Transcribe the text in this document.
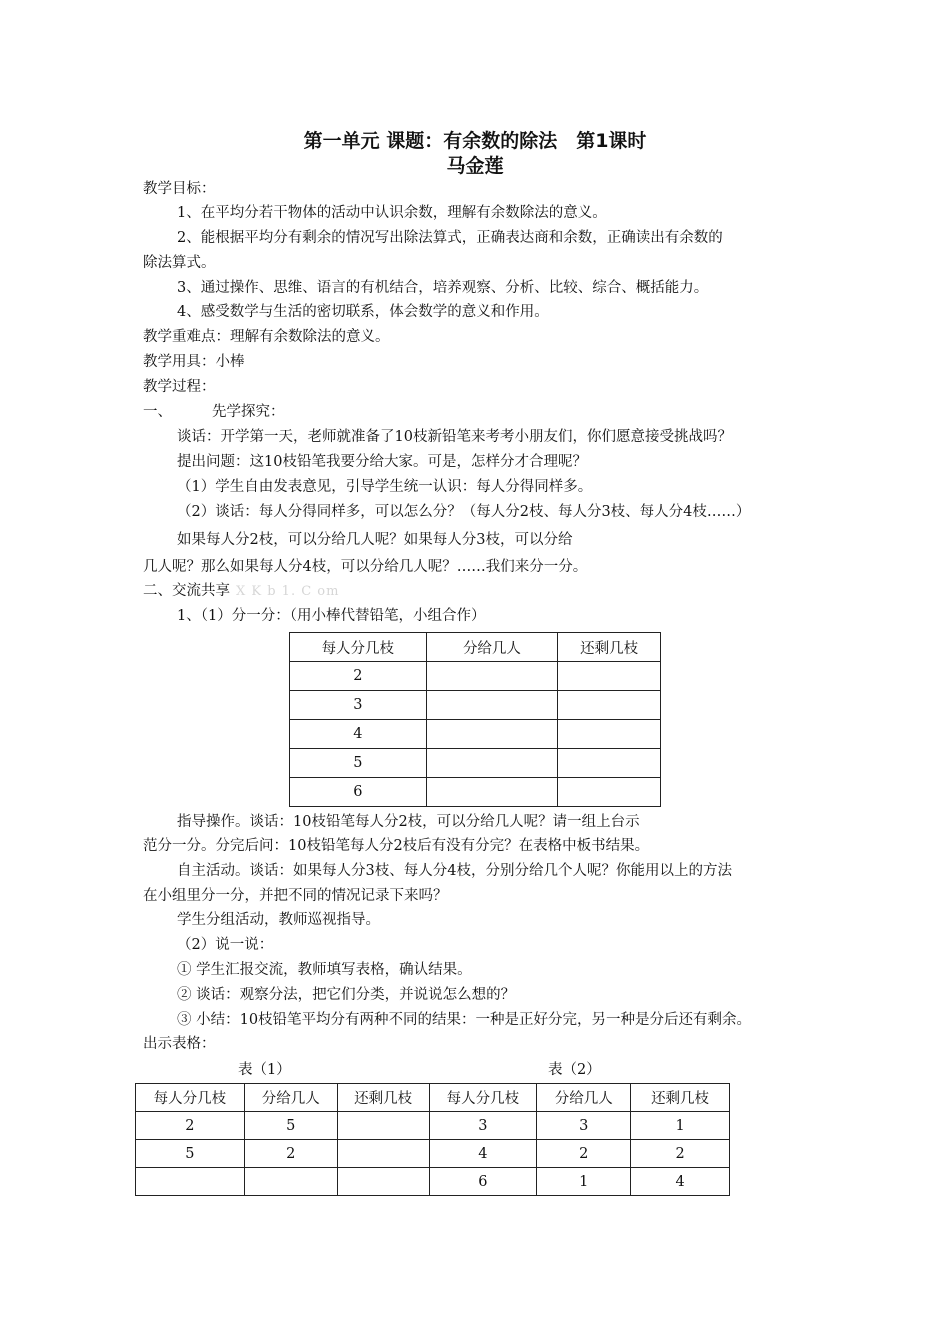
第一单元 课题：有余数的除法　第1课时
马金莲
教学目标：
1、在平均分若干物体的活动中认识余数，理解有余数除法的意义。
2、能根据平均分有剩余的情况写出除法算式，正确表达商和余数，正确读出有余数的
除法算式。
3、通过操作、思维、语言的有机结合，培养观察、分析、比较、综合、概括能力。
4、感受数学与生活的密切联系，体会数学的意义和作用。
教学重难点：理解有余数除法的意义。
教学用具：小棒
教学过程：
一、	先学探究：
谈话：开学第一天，老师就准备了10枝新铅笔来考考小朋友们，你们愿意接受挑战吗？
提出问题：这10枝铅笔我要分给大家。可是，怎样分才合理呢？
（1）学生自由发表意见，引导学生统一认识：每人分得同样多。
（2）谈话：每人分得同样多，可以怎么分？（每人分2枝、每人分3枝、每人分4枝……）
如果每人分2枝，可以分给几人呢？如果每人分3枝，可以分给
几人呢？那么如果每人分4枝，可以分给几人呢？……我们来分一分。
二、交流共享 X K b 1. C om
1、（1）分一分：（用小棒代替铅笔，小组合作）
每人分几枝	分给几人	还剩几枝
2		
3		
4		
5		
6		
指导操作。谈话：10枝铅笔每人分2枝，可以分给几人呢？请一组上台示
范分一分。分完后问：10枝铅笔每人分2枝后有没有分完？在表格中板书结果。
自主活动。谈话：如果每人分3枝、每人分4枝，分别分给几个人呢？你能用以上的方法
在小组里分一分，并把不同的情况记录下来吗？
学生分组活动，教师巡视指导。
（2）说一说：
① 学生汇报交流，教师填写表格，确认结果。
② 谈话：观察分法，把它们分类，并说说怎么想的？
③ 小结：10枝铅笔平均分有两种不同的结果：一种是正好分完，另一种是分后还有剩余。
出示表格：
表（1）	表（2）
每人分几枝	分给几人	还剩几枝	每人分几枝	分给几人	还剩几枝
2	5		3	3	1
5	2		4	2	2
			6	1	4
